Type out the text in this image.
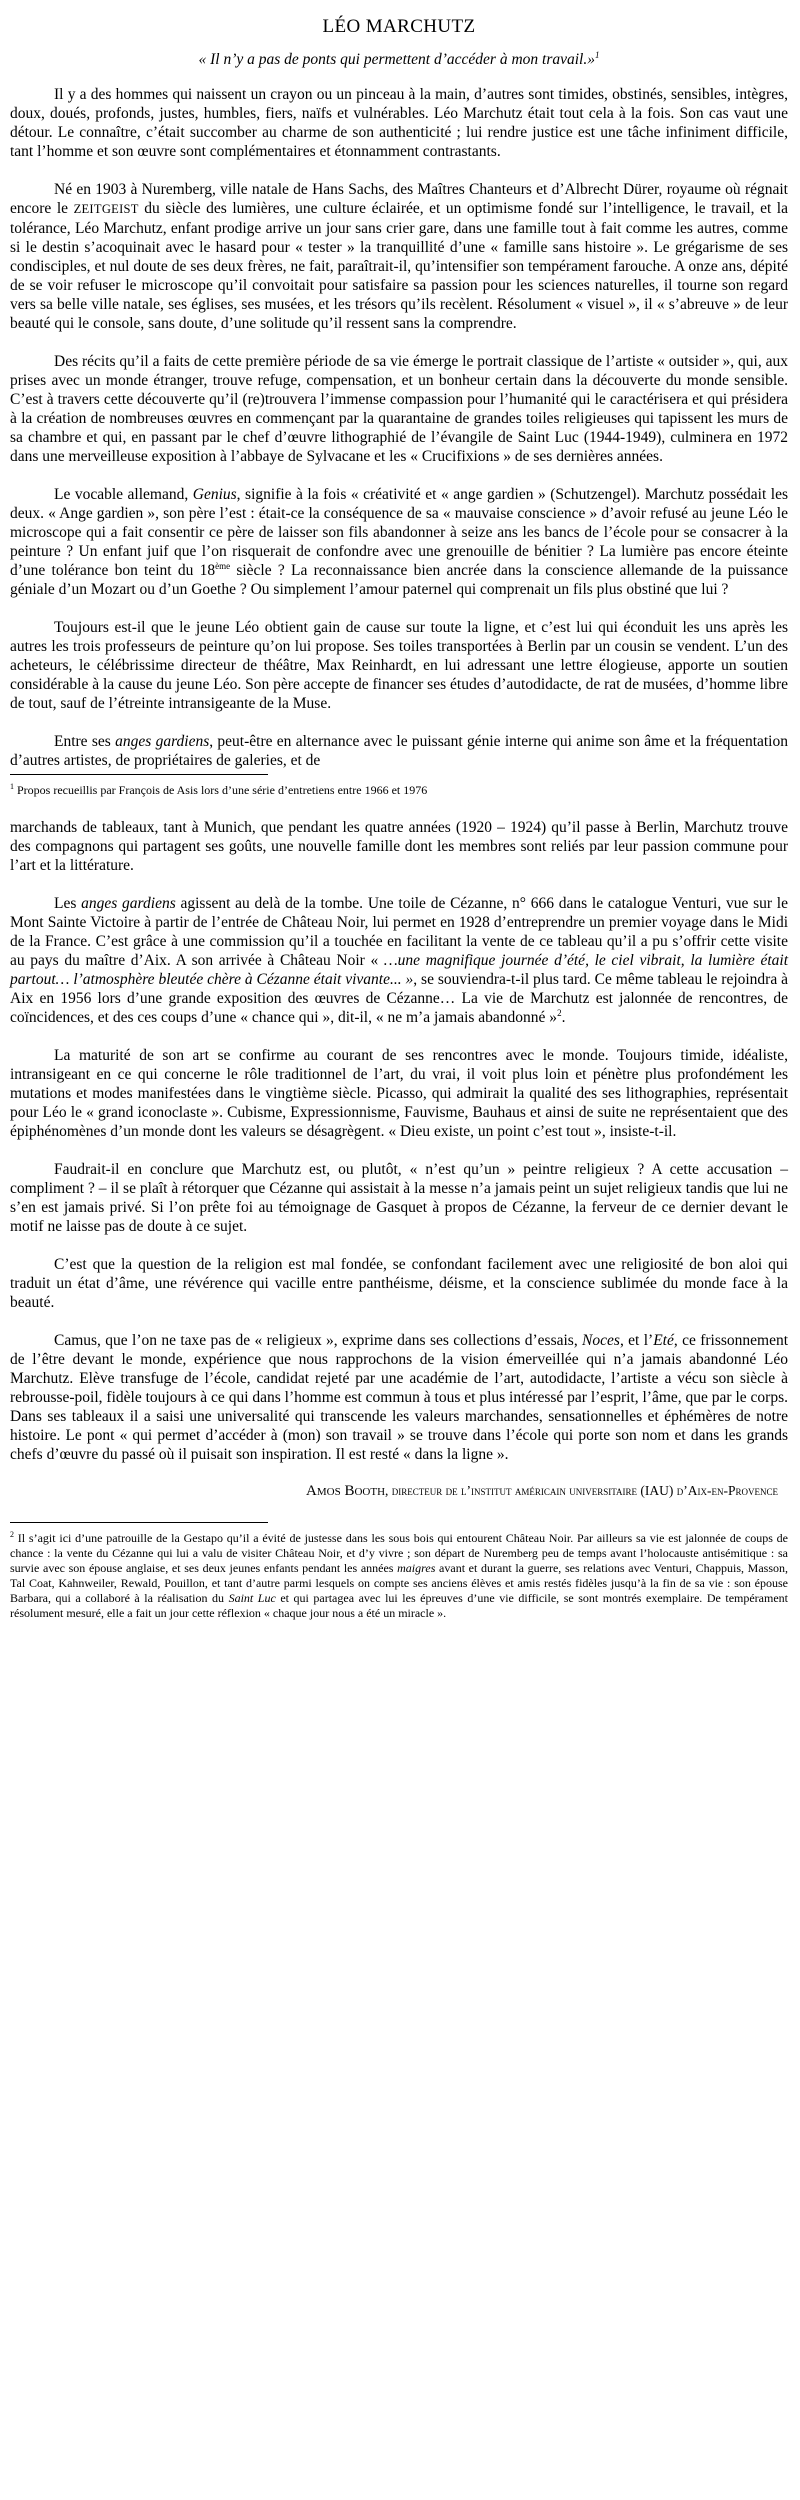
LÉO MARCHUTZ
« Il n’y a pas de ponts qui permettent d’accéder à mon travail.»$^1$

Il y a des hommes qui naissent un crayon ou un pinceau à la main, d’autres sont timides, obstinés, sensibles, intègres, doux, doués, profonds, justes, humbles, fiers, naïfs et vulnérables. Léo Marchutz était tout cela à la fois. Son cas vaut une détour. Le connaître, c’était succomber au charme de son authenticité ; lui rendre justice est une tâche infiniment difficile, tant l’homme et son œuvre sont complémentaires et étonnamment contrastants.

Né en 1903 à Nuremberg, ville natale de Hans Sachs, des Maîtres Chanteurs et d’Albrecht Dürer, royaume où régnait encore le ZEITGEIST du siècle des lumières, une culture éclairée, et un optimisme fondé sur l’intelligence, le travail, et la tolérance, Léo Marchutz, enfant prodige arrive un jour sans crier gare, dans une famille tout à fait comme les autres, comme si le destin s’acoquinait avec le hasard pour « tester » la tranquillité d’une « famille sans histoire ». Le grégarisme de ses condisciples, et nul doute de ses deux frères, ne fait, paraîtrait-il, qu’intensifier son tempérament farouche. A onze ans, dépité de se voir refuser le microscope qu’il convoitait pour satisfaire sa passion pour les sciences naturelles, il tourne son regard vers sa belle ville natale, ses églises, ses musées, et les trésors qu’ils recèlent. Résolument « visuel », il « s’abreuve » de leur beauté qui le console, sans doute, d’une solitude qu’il ressent sans la comprendre.

Des récits qu’il a faits de cette première période de sa vie émerge le portrait classique de l’artiste « outsider », qui, aux prises avec un monde étranger, trouve refuge, compensation, et un bonheur certain dans la découverte du monde sensible. C’est à travers cette découverte qu’il (re)trouvera l’immense compassion pour l’humanité qui le caractérisera et qui présidera à la création de nombreuses œuvres en commençant par la quarantaine de grandes toiles religieuses qui tapissent les murs de sa chambre et qui, en passant par le chef d’œuvre lithographié de l’évangile de Saint Luc (1944-1949), culminera en 1972 dans une merveilleuse exposition à l’abbaye de Sylvacane et les « Crucifixions » de ses dernières années.

Le vocable allemand, Genius, signifie à la fois « créativité et « ange gardien » (Schutzengel). Marchutz possédait les deux. « Ange gardien », son père l’est : était-ce la conséquence de sa « mauvaise conscience » d’avoir refusé au jeune Léo le microscope qui a fait consentir ce père de laisser son fils abandonner à seize ans les bancs de l’école pour se consacrer à la peinture ? Un enfant juif que l’on risquerait de confondre avec une grenouille de bénitier ? La lumière pas encore éteinte d’une tolérance bon teint du 18ème siècle ? La reconnaissance bien ancrée dans la conscience allemande de la puissance géniale d’un Mozart ou d’un Goethe ? Ou simplement l’amour paternel qui comprenait un fils plus obstiné que lui ?

Toujours est-il que le jeune Léo obtient gain de cause sur toute la ligne, et c’est lui qui éconduit les uns après les autres les trois professeurs de peinture qu’on lui propose. Ses toiles transportées à Berlin par un cousin se vendent. L’un des acheteurs, le célébrissime directeur de théâtre, Max Reinhardt, en lui adressant une lettre élogieuse, apporte un soutien considérable à la cause du jeune Léo. Son père accepte de financer ses études d’autodidacte, de rat de musées, d’homme libre de tout, sauf de l’étreinte intransigeante de la Muse.

Entre ses anges gardiens, peut-être en alternance avec le puissant génie interne qui anime son âme et la fréquentation d’autres artistes, de propriétaires de galeries, et de

$^1$ Propos recueillis par François de Asis lors d’une série d’entretiens entre 1966 et 1976

marchands de tableaux, tant à Munich, que pendant les quatre années (1920 – 1924) qu’il passe à Berlin, Marchutz trouve des compagnons qui partagent ses goûts, une nouvelle famille dont les membres sont reliés par leur passion commune pour l’art et la littérature.

Les anges gardiens agissent au delà de la tombe. Une toile de Cézanne, n° 666 dans le catalogue Venturi, vue sur le Mont Sainte Victoire à partir de l’entrée de Château Noir, lui permet en 1928 d’entreprendre un premier voyage dans le Midi de la France. C’est grâce à une commission qu’il a touchée en facilitant la vente de ce tableau qu’il a pu s’offrir cette visite au pays du maître d’Aix. A son arrivée à Château Noir « …une magnifique journée d’été, le ciel vibrait, la lumière était partout… l’atmosphère bleutée chère à Cézanne était vivante... », se souviendra-t-il plus tard. Ce même tableau le rejoindra à Aix en 1956 lors d’une grande exposition des œuvres de Cézanne… La vie de Marchutz est jalonnée de rencontres, de coïncidences, et des ces coups d’une « chance qui », dit-il, « ne m’a jamais abandonné »$^2$.

La maturité de son art se confirme au courant de ses rencontres avec le monde. Toujours timide, idéaliste, intransigeant en ce qui concerne le rôle traditionnel de l’art, du vrai, il voit plus loin et pénètre plus profondément les mutations et modes manifestées dans le vingtième siècle. Picasso, qui admirait la qualité des ses lithographies, représentait pour Léo le « grand iconoclaste ». Cubisme, Expressionnisme, Fauvisme, Bauhaus et ainsi de suite ne représentaient que des épiphénomènes d’un monde dont les valeurs se désagrègent. « Dieu existe, un point c’est tout », insiste-t-il.

Faudrait-il en conclure que Marchutz est, ou plutôt, « n’est qu’un » peintre religieux ? A cette accusation – compliment ? – il se plaît à rétorquer que Cézanne qui assistait à la messe n’a jamais peint un sujet religieux tandis que lui ne s’en est jamais privé. Si l’on prête foi au témoignage de Gasquet à propos de Cézanne, la ferveur de ce dernier devant le motif ne laisse pas de doute à ce sujet.

C’est que la question de la religion est mal fondée, se confondant facilement avec une religiosité de bon aloi qui traduit un état d’âme, une révérence qui vacille entre panthéisme, déisme, et la conscience sublimée du monde face à la beauté.

Camus, que l’on ne taxe pas de « religieux », exprime dans ses collections d’essais, Noces, et l’Eté, ce frissonnement de l’être devant le monde, expérience que nous rapprochons de la vision émerveillée qui n’a jamais abandonné Léo Marchutz. Elève transfuge de l’école, candidat rejeté par une académie de l’art, autodidacte, l’artiste a vécu son siècle à rebrousse-poil, fidèle toujours à ce qui dans l’homme est commun à tous et plus intéressé par l’esprit, l’âme, que par le corps. Dans ses tableaux il a saisi une universalité qui transcende les valeurs marchandes, sensationnelles et éphémères de notre histoire. Le pont « qui permet d’accéder à (mon) son travail » se trouve dans l’école qui porte son nom et dans les grands chefs d’œuvre du passé où il puisait son inspiration. Il est resté « dans la ligne ».

Amos Booth, directeur de l’institut américain universitaire (IAU) d’Aix-en-Provence
$^2$ Il s’agit ici d’une patrouille de la Gestapo qu’il a évité de justesse dans les sous bois qui entourent Château Noir. Par ailleurs sa vie est jalonnée de coups de chance : la vente du Cézanne qui lui a valu de visiter Château Noir, et d’y vivre ; son départ de Nuremberg peu de temps avant l’holocauste antisémitique : sa survie avec son épouse anglaise, et ses deux jeunes enfants pendant les années maigres avant et durant la guerre, ses relations avec Venturi, Chappuis, Masson, Tal Coat, Kahnweiler, Rewald, Pouillon, et tant d’autre parmi lesquels on compte ses anciens élèves et amis restés fidèles jusqu’à la fin de sa vie : son épouse Barbara, qui a collaboré à la réalisation du Saint Luc et qui partagea avec lui les épreuves d’une vie difficile, se sont montrés exemplaire. De tempérament résolument mesuré, elle a fait un jour cette réflexion « chaque jour nous a été un miracle ».
